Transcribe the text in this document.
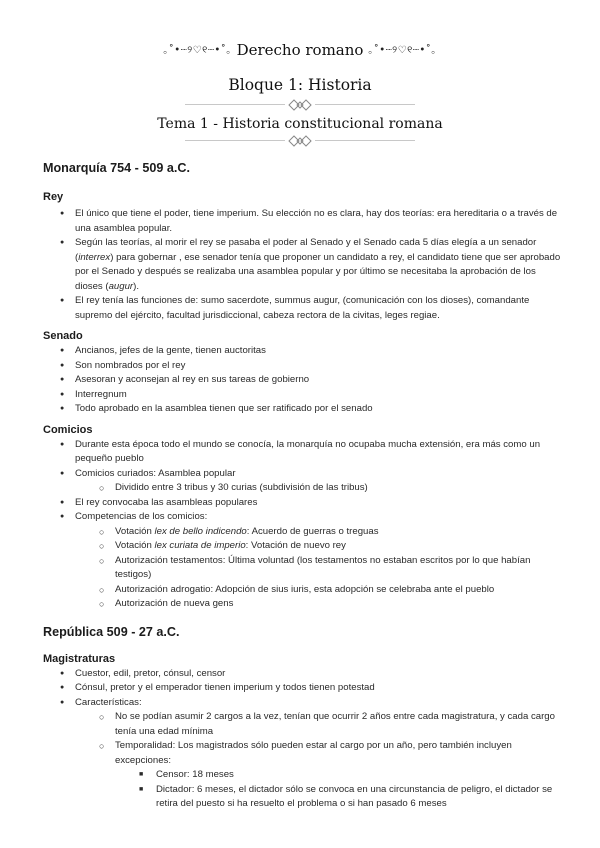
｡˚•┈୨♡୧┈•˚｡ Derecho romano ｡˚•┈୨♡୧┈•˚｡
Bloque 1: Historia
Tema 1 - Historia constitucional romana
Monarquía 754 - 509 a.C.
Rey
● El único que tiene el poder, tiene imperium. Su elección no es clara, hay dos teorías: era hereditaria o a través de una asamblea popular.
● Según las teorías, al morir el rey se pasaba el poder al Senado y el Senado cada 5 días elegía a un senador (interrex) para gobernar , ese senador tenía que proponer un candidato a rey, el candidato tiene que ser aprobado por el Senado y después se realizaba una asamblea popular y por último se necesitaba la aprobación de los dioses (augur).
● El rey tenía las funciones de: sumo sacerdote, summus augur, (comunicación con los dioses), comandante supremo del ejército, facultad jurisdiccional, cabeza rectora de la civitas, leges regiae.
Senado
● Ancianos, jefes de la gente, tienen auctoritas
● Son nombrados por el rey
● Asesoran y aconsejan al rey en sus tareas de gobierno
● Interregnum
● Todo aprobado en la asamblea tienen que ser ratificado por el senado
Comicios
● Durante esta época todo el mundo se conocía, la monarquía no ocupaba mucha extensión, era más como un pequeño pueblo
● Comicios curiados: Asamblea popular
○ Dividido entre 3 tribus y 30 curias (subdivisión de las tribus)
● El rey convocaba las asambleas populares
● Competencias de los comicios:
○ Votación lex de bello indicendo: Acuerdo de guerras o treguas
○ Votación lex curiata de imperio: Votación de nuevo rey
○ Autorización testamentos: Última voluntad (los testamentos no estaban escritos por lo que habían testigos)
○ Autorización adrogatio: Adopción de sius iuris, esta adopción se celebraba ante el pueblo
○ Autorización de nueva gens
República 509 - 27 a.C.
Magistraturas
● Cuestor, edil, pretor, cónsul, censor
● Cónsul, pretor y el emperador tienen imperium y todos tienen potestad
● Características:
○ No se podían asumir 2 cargos a la vez, tenían que ocurrir 2 años entre cada magistratura, y cada cargo tenía una edad mínima
○ Temporalidad: Los magistrados sólo pueden estar al cargo por un año, pero también incluyen excepciones:
■ Censor: 18 meses
■ Dictador: 6 meses, el dictador sólo se convoca en una circunstancia de peligro, el dictador se retira del puesto si ha resuelto el problema o si han pasado 6 meses
